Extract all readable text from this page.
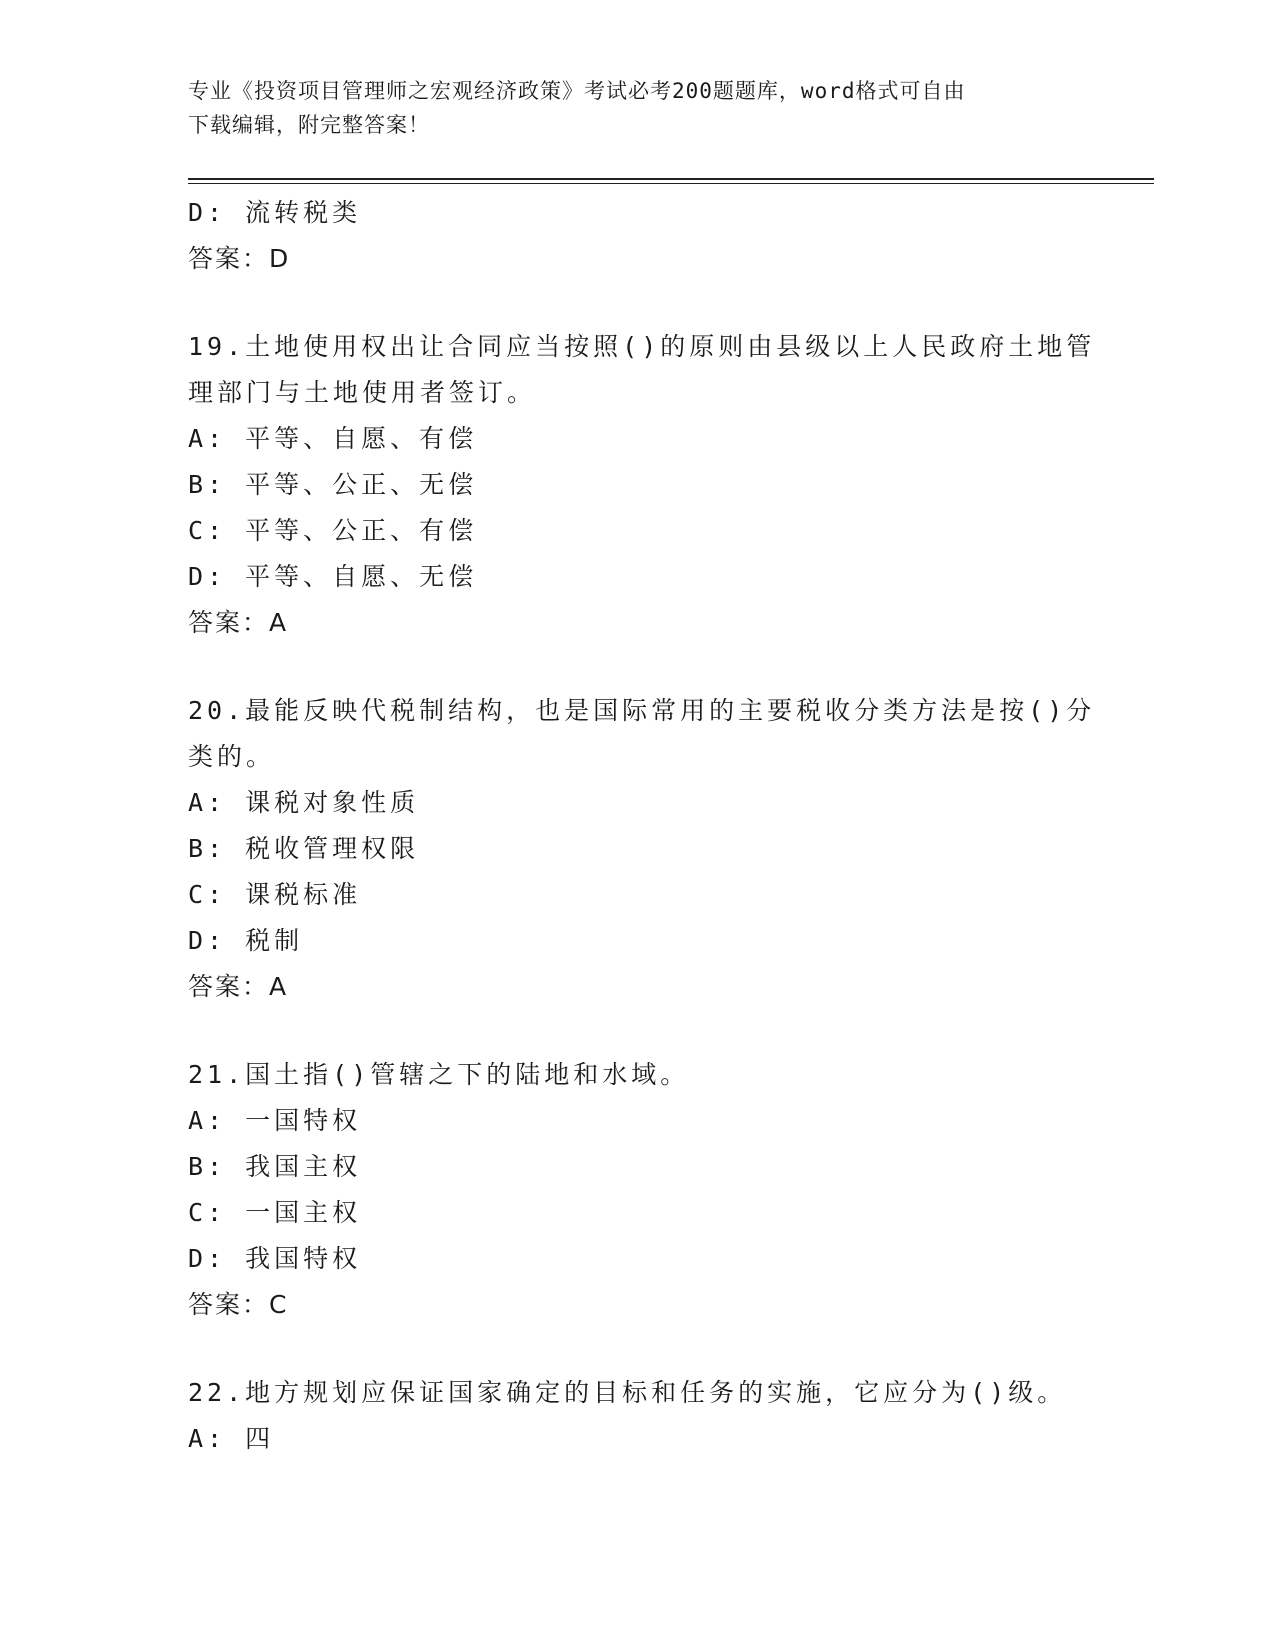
专业《投资项目管理师之宏观经济政策》考试必考200题题库，word格式可自由
下载编辑，附完整答案！
D: 流转税类
答案：D
19.土地使用权出让合同应当按照()的原则由县级以上人民政府土地管
理部门与土地使用者签订。
A: 平等、自愿、有偿
B: 平等、公正、无偿
C: 平等、公正、有偿
D: 平等、自愿、无偿
答案：A
20.最能反映代税制结构，也是国际常用的主要税收分类方法是按()分
类的。
A: 课税对象性质
B: 税收管理权限
C: 课税标准
D: 税制
答案：A
21.国土指()管辖之下的陆地和水域。
A: 一国特权
B: 我国主权
C: 一国主权
D: 我国特权
答案：C
22.地方规划应保证国家确定的目标和任务的实施，它应分为()级。
A: 四
